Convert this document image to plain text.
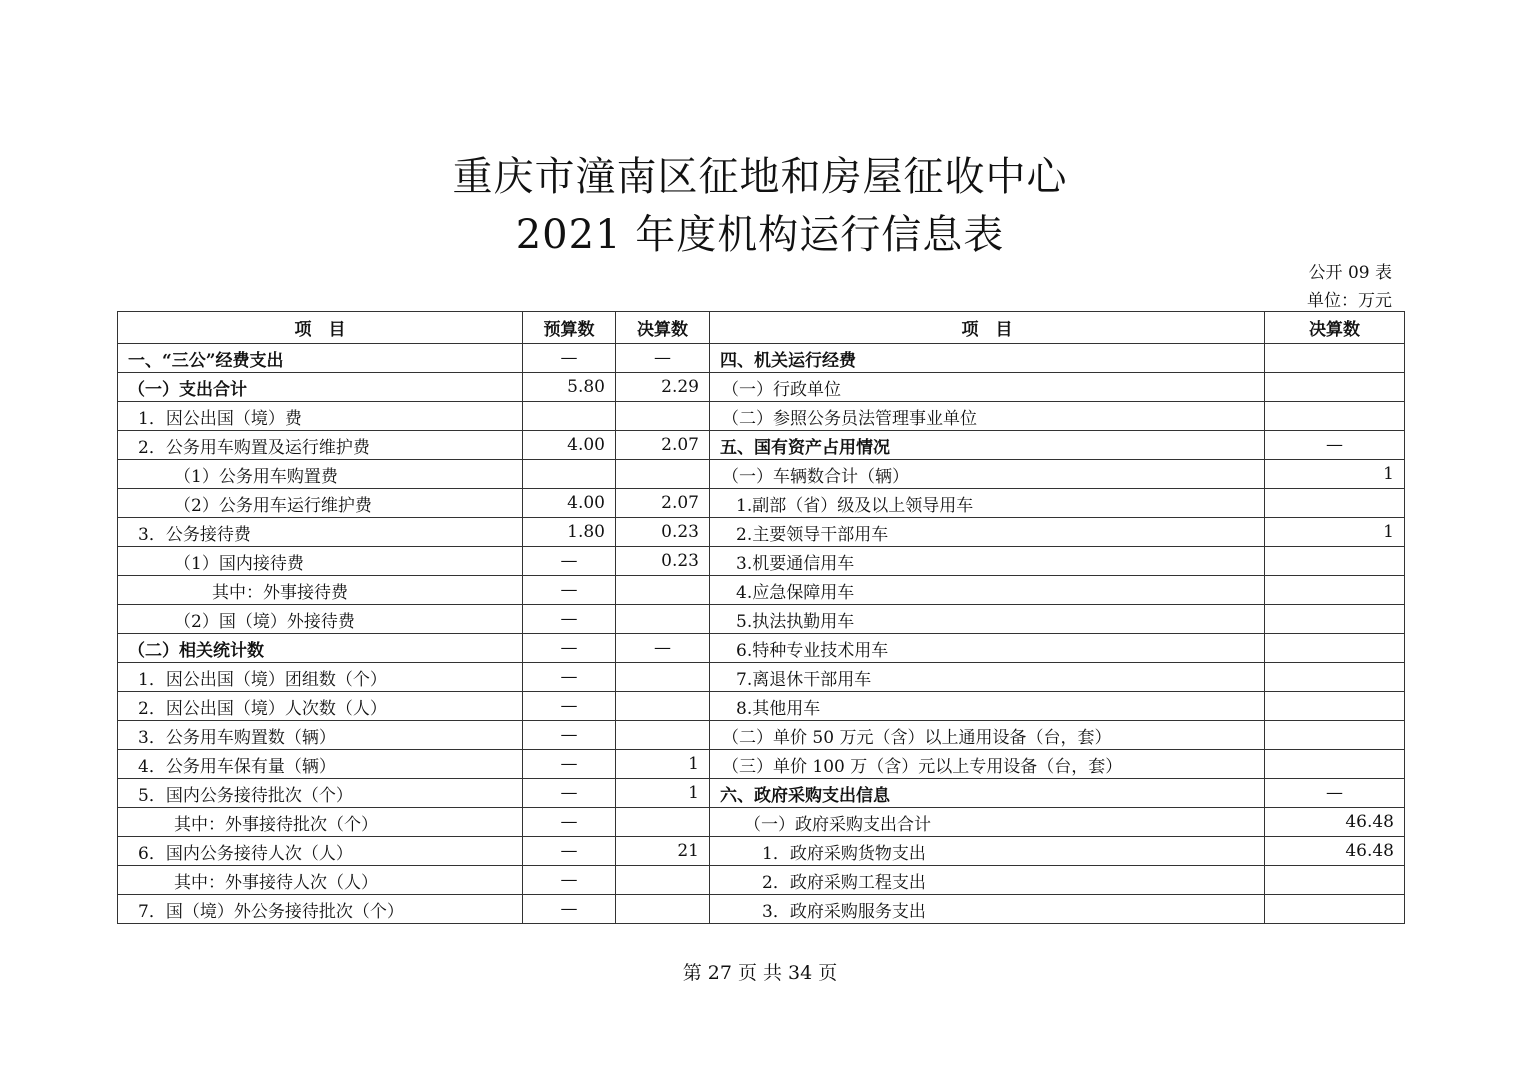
重庆市潼南区征地和房屋征收中心
2021 年度机构运行信息表
公开 09 表
单位：万元
项　目	预算数	决算数	项　目	决算数
一、“三公”经费支出	—	—	四、机关运行经费	
（一）支出合计	5.80	2.29	（一）行政单位	
1．因公出国（境）费			（二）参照公务员法管理事业单位	
2．公务用车购置及运行维护费	4.00	2.07	五、国有资产占用情况	—
（1）公务用车购置费			（一）车辆数合计（辆）	1
（2）公务用车运行维护费	4.00	2.07	1.副部（省）级及以上领导用车	
3．公务接待费	1.80	0.23	2.主要领导干部用车	1
（1）国内接待费	—	0.23	3.机要通信用车	
其中：外事接待费	—		4.应急保障用车	
（2）国（境）外接待费	—		5.执法执勤用车	
（二）相关统计数	—	—	6.特种专业技术用车	
1．因公出国（境）团组数（个）	—		7.离退休干部用车	
2．因公出国（境）人次数（人）	—		8.其他用车	
3．公务用车购置数（辆）	—		（二）单价 50 万元（含）以上通用设备（台，套）	
4．公务用车保有量（辆）	—	1	（三）单价 100 万（含）元以上专用设备（台，套）	
5．国内公务接待批次（个）	—	1	六、政府采购支出信息	—
其中：外事接待批次（个）	—		（一）政府采购支出合计	46.48
6．国内公务接待人次（人）	—	21	1．政府采购货物支出	46.48
其中：外事接待人次（人）	—		2．政府采购工程支出	
7．国（境）外公务接待批次（个）	—		3．政府采购服务支出	
第 27 页 共 34 页
